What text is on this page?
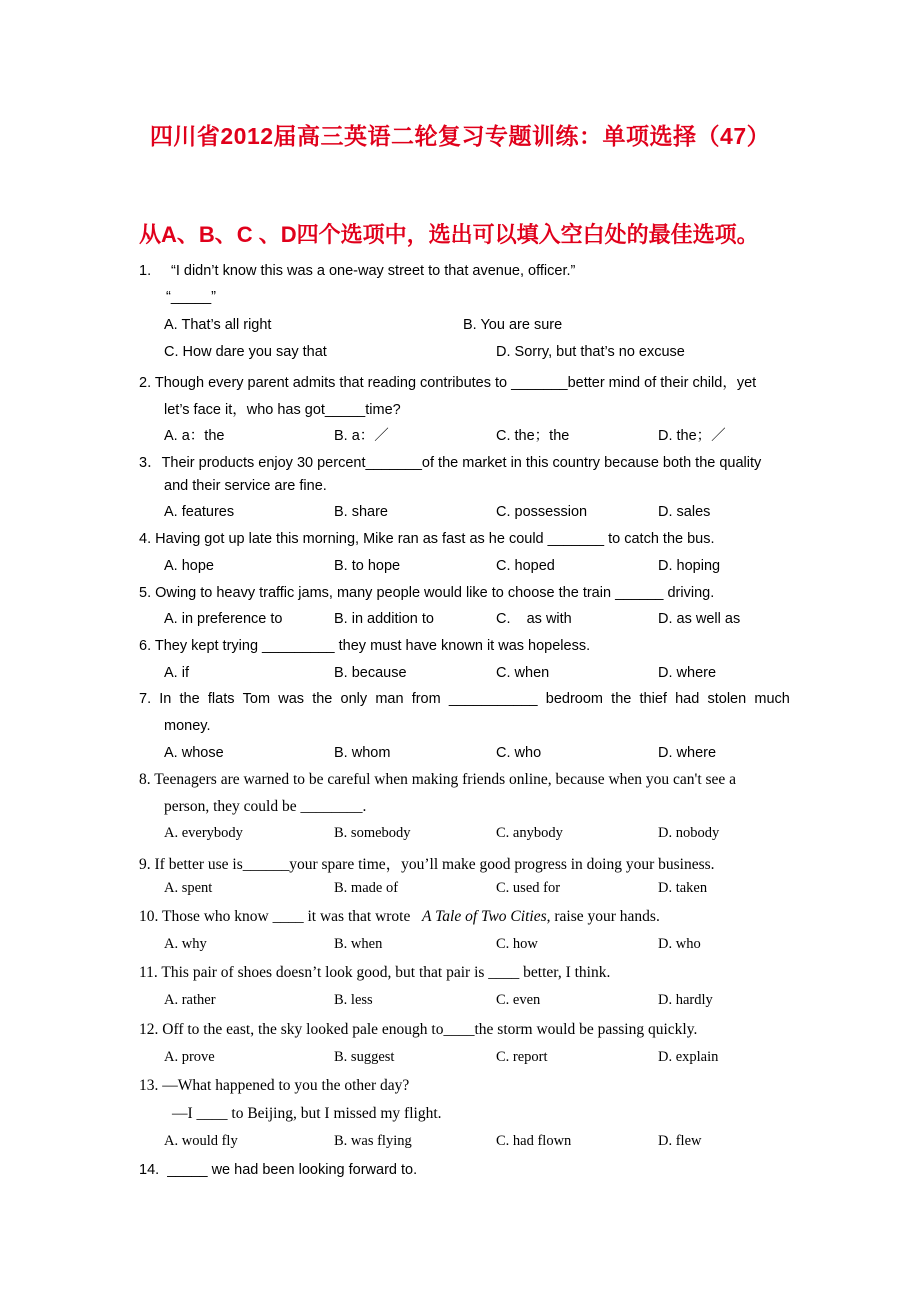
四川省2012届高三英语二轮复习专题训练：单项选择（47）
从A、B、C 、D四个选项中，选出可以填入空白处的最佳选项。
1. “I didn’t know this was a one-way street to that avenue, officer.”
“_____”
A. That’s all right	B. You are sure
C. How dare you say that	D. Sorry, but that’s no excuse
2. Though every parent admits that reading contributes to _______better mind of their child，yet
let’s face it，who has got_____time?
A. a：the	B. a：／	C. the；the	D. the；／
3．Their products enjoy 30 percent_______of the market in this country because both the quality
and their service are fine.
A. features	B. share	C. possession	D. sales
4. Having got up late this morning, Mike ran as fast as he could _______ to catch the bus.
A. hope	B. to hope	C. hoped	D. hoping
5. Owing to heavy traffic jams, many people would like to choose the train ______ driving.
A. in preference to	B. in addition to	C.    as with	D. as well as
6. They kept trying _________ they must have known it was hopeless.
A. if	B. because	C. when	D. where
7. In the flats Tom was the only man from ___________ bedroom the thief had stolen much
money.
A. whose	B. whom	C. who	D. where
8. Teenagers are warned to be careful when making friends online, because when you can't see a
person, they could be ________.
A. everybody	B. somebody	C. anybody	D. nobody
9. If better use is______your spare time，you’ll make good progress in doing your business.
A. spent	B. made of	C. used for	D. taken
10. Those who know ____ it was that wrote   A Tale of Two Cities, raise your hands.
A. why	B. when	C. how	D. who
11. This pair of shoes doesn’t look good, but that pair is ____ better, I think.
A. rather	B. less	C. even	D. hardly
12. Off to the east, the sky looked pale enough to____the storm would be passing quickly.
A. prove	B. suggest	C. report	D. explain
13. —What happened to you the other day?
—I ____ to Beijing, but I missed my flight.
A. would fly	B. was flying	C. had flown	D. flew
14.  _____ we had been looking forward to.
